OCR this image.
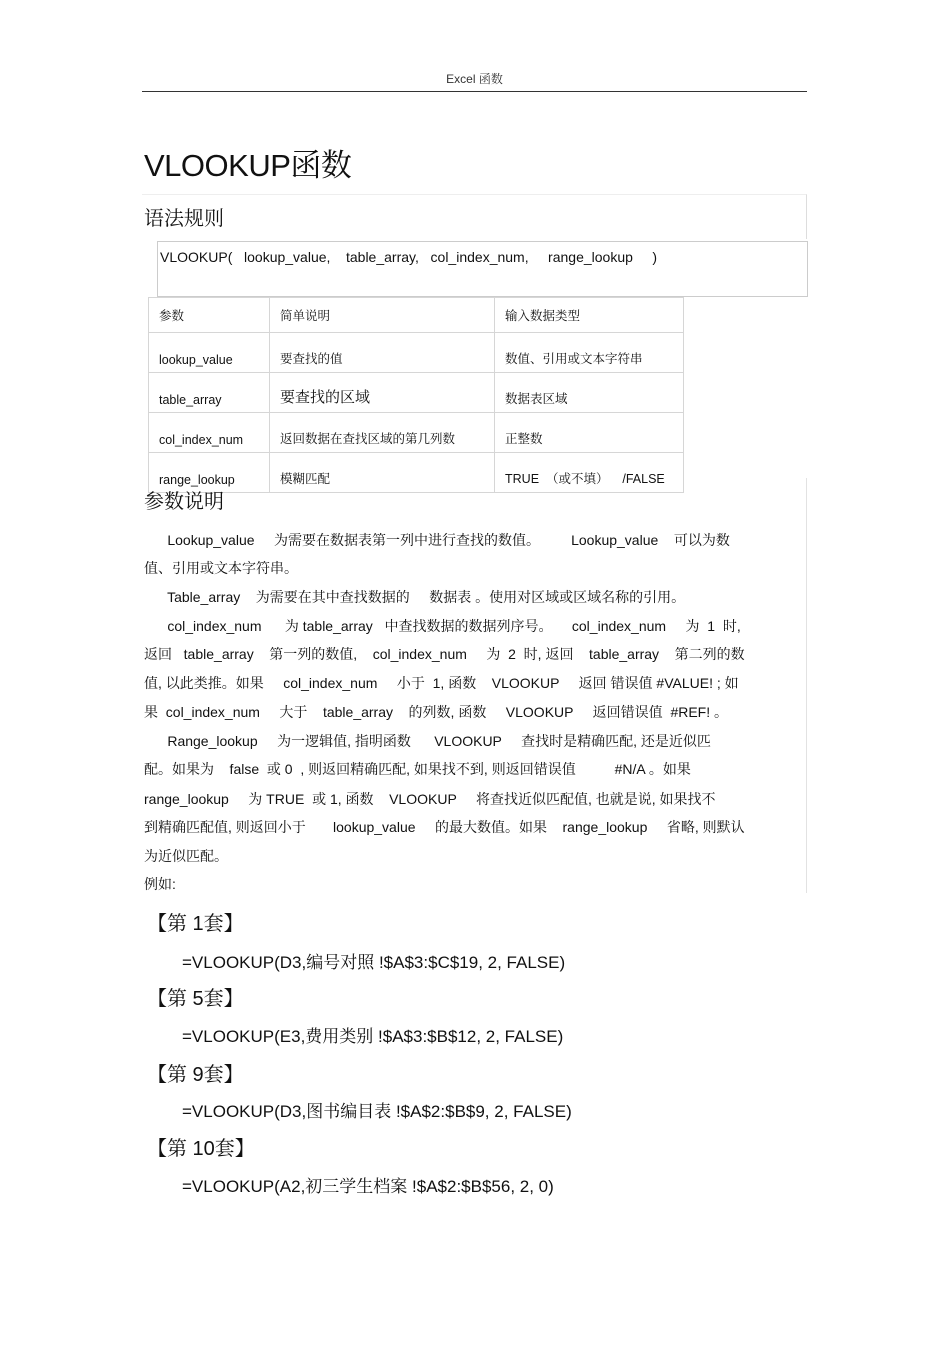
Excel 函数
VLOOKUP函数
语法规则
VLOOKUP(   lookup_value,    table_array,   col_index_num,     range_lookup     )
参数	简单说明	输入数据类型
lookup_value	要查找的值	数值、引用或文本字符串
table_array	要查找的区域	数据表区域
col_index_num	返回数据在查找区域的第几列数	正整数
range_lookup	模糊匹配	TRUE  （或不填）    /FALSE
参数说明
Lookup_value     为需要在数据表第一列中进行查找的数值。        Lookup_value    可以为数
值、引用或文本字符串。
Table_array    为需要在其中查找数据的     数据表 。使用对区域或区域名称的引用。
col_index_num      为 table_array   中查找数据的数据列序号。     col_index_num     为  1  时,
返回   table_array    第一列的数值,    col_index_num     为  2  时, 返回    table_array    第二列的数
值, 以此类推。如果     col_index_num     小于  1, 函数    VLOOKUP     返回 错误值 #VALUE! ; 如
果  col_index_num     大于    table_array    的列数, 函数     VLOOKUP     返回错误值  #REF! 。
Range_lookup     为一逻辑值, 指明函数      VLOOKUP     查找时是精确匹配, 还是近似匹
配。如果为    false  或 0  , 则返回精确匹配, 如果找不到, 则返回错误值          #N/A 。如果
range_lookup     为 TRUE  或 1, 函数    VLOOKUP     将查找近似匹配值, 也就是说, 如果找不
到精确匹配值, 则返回小于       lookup_value     的最大数值。如果    range_lookup     省略, 则默认
为近似匹配。
例如:
【第 1套】
=VLOOKUP(D3,编号对照 !$A$3:$C$19, 2, FALSE)
【第 5套】
=VLOOKUP(E3,费用类别 !$A$3:$B$12, 2, FALSE)
【第 9套】
=VLOOKUP(D3,图书编目表 !$A$2:$B$9, 2, FALSE)
【第 10套】
=VLOOKUP(A2,初三学生档案 !$A$2:$B$56, 2, 0)
